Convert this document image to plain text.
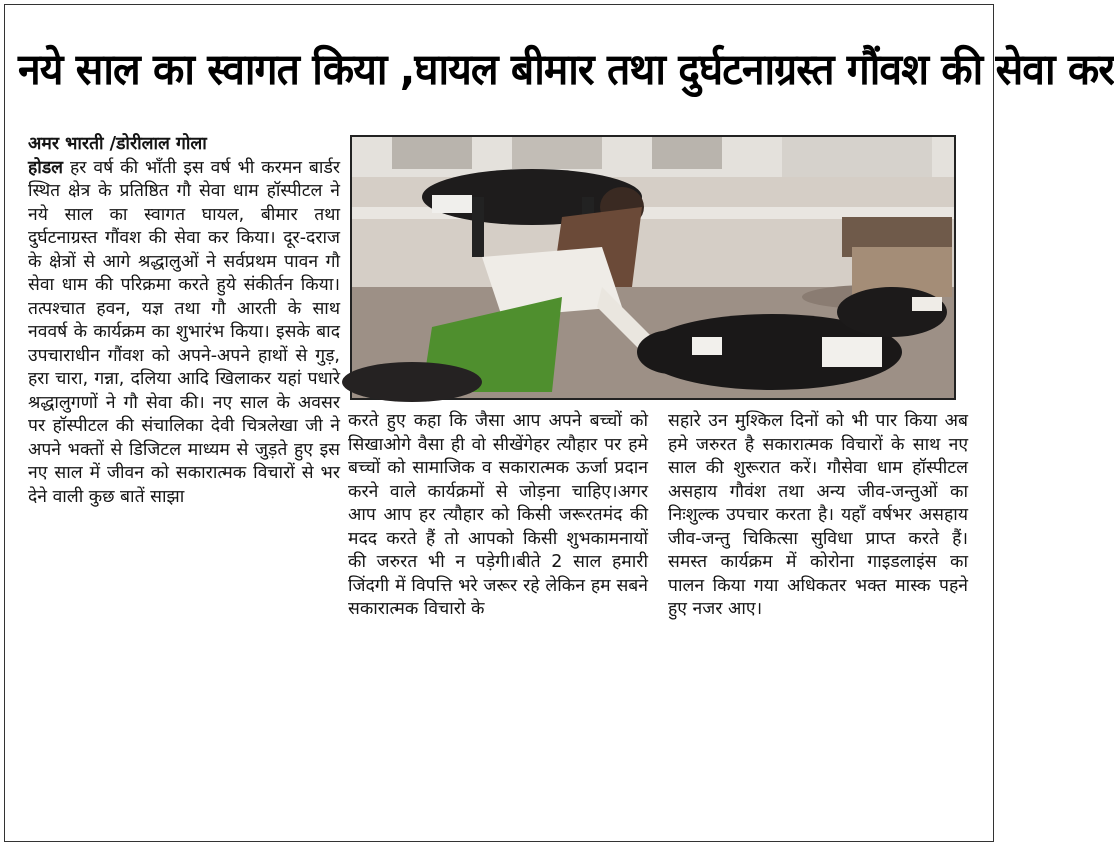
नये साल का स्वागत किया ,घायल बीमार तथा दुर्घटनाग्रस्त गौंवश की सेवा कर

अमर भारती /डोरीलाल गोला
होडल हर वर्ष की भाँती इस वर्ष भी करमन बार्डर स्थित क्षेत्र के प्रतिष्ठित गौ सेवा धाम हॉस्पीटल ने नये साल का स्वागत घायल, बीमार तथा दुर्घटनाग्रस्त गौंवश की सेवा कर किया। दूर-दराज के क्षेत्रों से आगे श्रद्धालुओं ने सर्वप्रथम पावन गौ सेवा धाम की परिक्रमा करते हुये संकीर्तन किया। तत्पश्चात हवन, यज्ञ तथा गौ आरती के साथ नववर्ष के कार्यक्रम का शुभारंभ किया। इसके बाद उपचाराधीन गौंवश को अपने-अपने हाथों से गुड़, हरा चारा, गन्ना, दलिया आदि खिलाकर यहां पधारे श्रद्धालुगणों ने गौ सेवा की। नए साल के अवसर पर हॉस्पीटल की संचालिका देवी चित्रलेखा जी ने अपने भक्तों से डिजिटल माध्यम से जुड़ते हुए इस नए साल में जीवन को सकारात्मक विचारों से भर देने वाली कुछ बातें साझा

करते हुए कहा कि जैसा आप अपने बच्चों को सिखाओगे वैसा ही वो सीखेंगेहर त्यौहार पर हमे बच्चों को सामाजिक व सकारात्मक ऊर्जा प्रदान करने वाले कार्यक्रमों से जोड़ना चाहिए।अगर आप आप हर त्यौहार को किसी जरूरतमंद की मदद करते हैं तो आपको किसी शुभकामनायों की जरुरत भी न पड़ेगी।बीते 2 साल हमारी जिंदगी में विपत्ति भरे जरूर रहे लेकिन हम सबने सकारात्मक विचारो के

सहारे उन मुश्किल दिनों को भी पार किया अब हमे जरुरत है सकारात्मक विचारों के साथ नए साल की शुरूरात करें। गौसेवा धाम हॉस्पीटल असहाय गौवंश तथा अन्य जीव-जन्तुओं का निःशुल्क उपचार करता है। यहाँ वर्षभर असहाय जीव-जन्तु चिकित्सा सुविधा प्राप्त करते हैं।समस्त कार्यक्रम में कोरोना गाइडलाइंस का पालन किया गया अधिकतर भक्त मास्क पहने हुए नजर आए।
